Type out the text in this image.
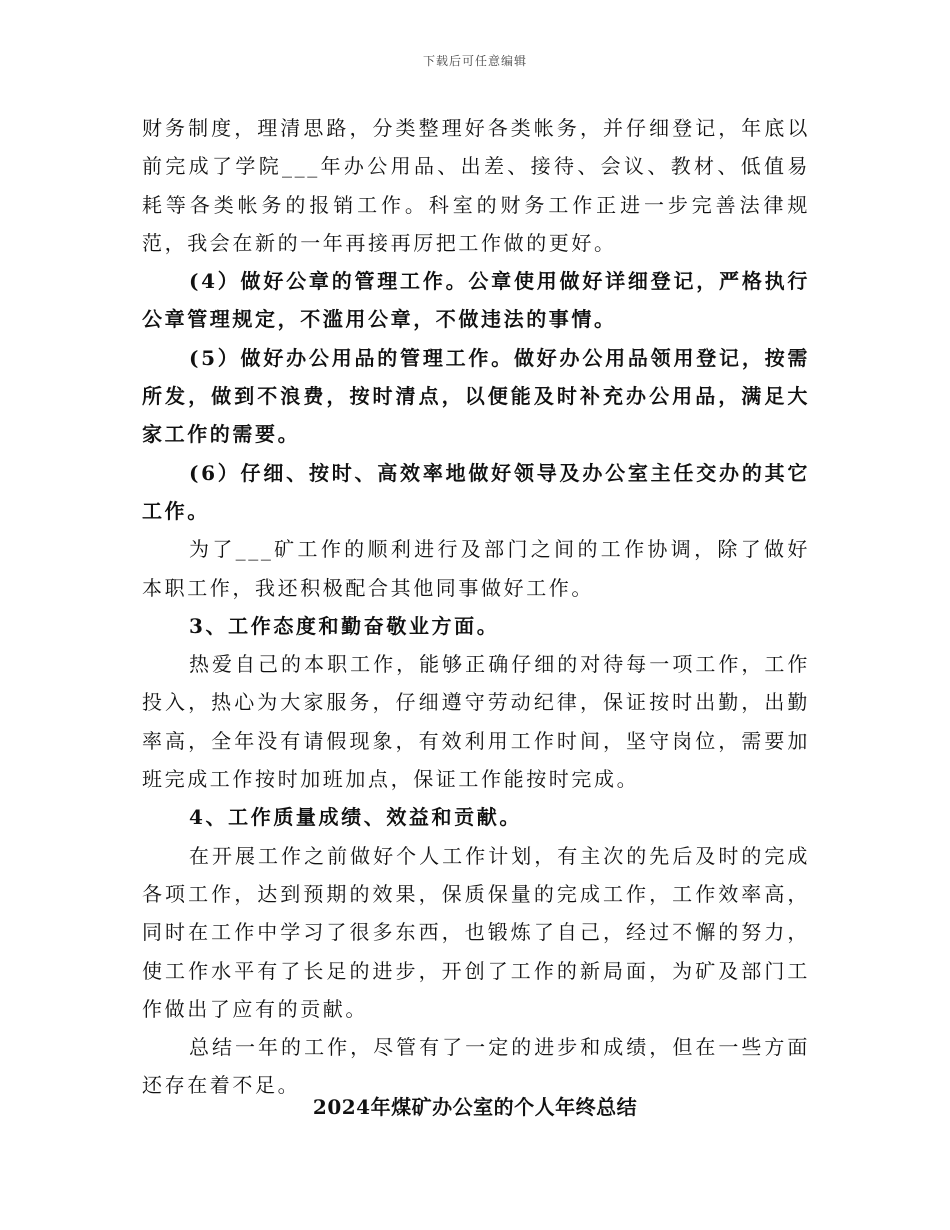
下载后可任意编辑

财务制度，理清思路，分类整理好各类帐务，并仔细登记，年底以前完成了学院___年办公用品、出差、接待、会议、教材、低值易耗等各类帐务的报销工作。科室的财务工作正进一步完善法律规范，我会在新的一年再接再厉把工作做的更好。

(4）做好公章的管理工作。公章使用做好详细登记，严格执行公章管理规定，不滥用公章，不做违法的事情。

(5）做好办公用品的管理工作。做好办公用品领用登记，按需所发，做到不浪费，按时清点，以便能及时补充办公用品，满足大家工作的需要。

(6）仔细、按时、高效率地做好领导及办公室主任交办的其它工作。

为了___矿工作的顺利进行及部门之间的工作协调，除了做好本职工作，我还积极配合其他同事做好工作。

3、工作态度和勤奋敬业方面。

热爱自己的本职工作，能够正确仔细的对待每一项工作，工作投入，热心为大家服务，仔细遵守劳动纪律，保证按时出勤，出勤率高，全年没有请假现象，有效利用工作时间，坚守岗位，需要加班完成工作按时加班加点，保证工作能按时完成。

4、工作质量成绩、效益和贡献。

在开展工作之前做好个人工作计划，有主次的先后及时的完成各项工作，达到预期的效果，保质保量的完成工作，工作效率高，同时在工作中学习了很多东西，也锻炼了自己，经过不懈的努力，使工作水平有了长足的进步，开创了工作的新局面，为矿及部门工作做出了应有的贡献。

总结一年的工作，尽管有了一定的进步和成绩，但在一些方面还存在着不足。

2024年煤矿办公室的个人年终总结
